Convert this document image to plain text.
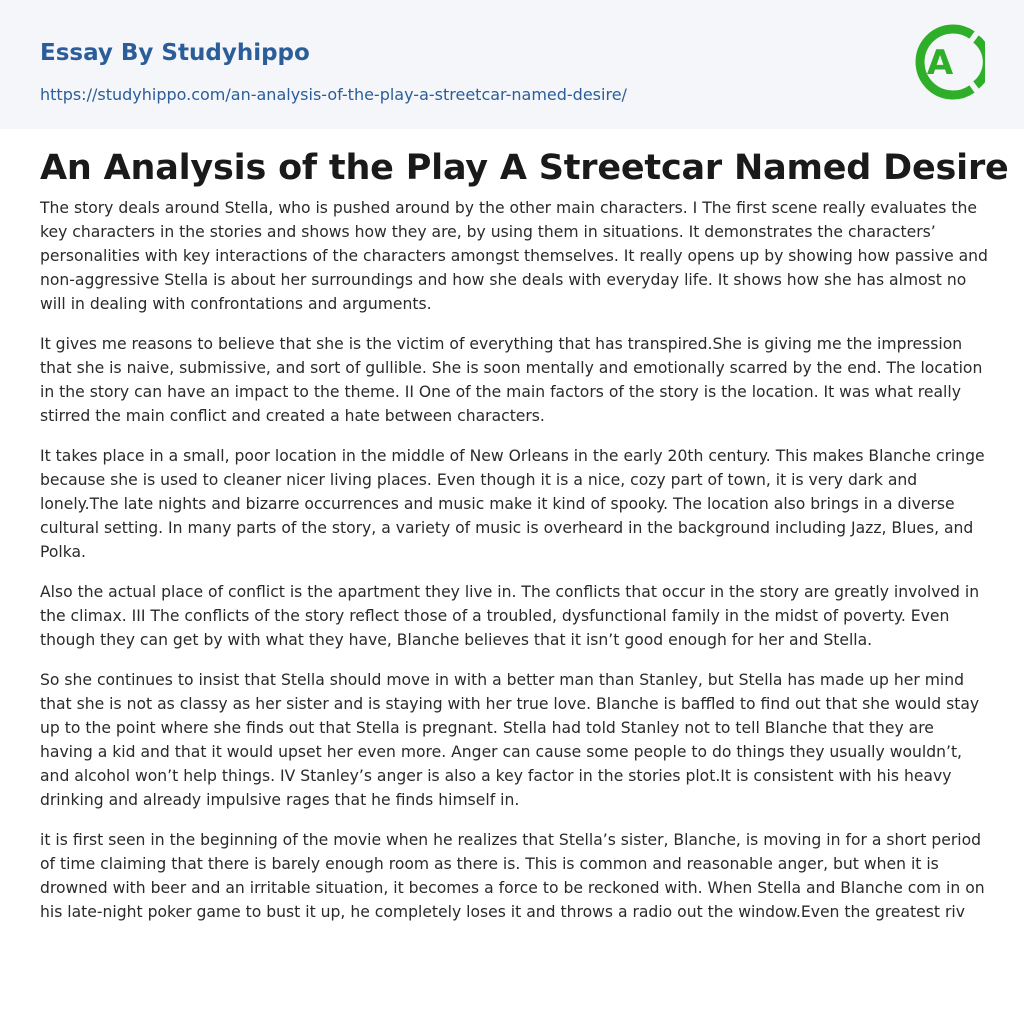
Essay By Studyhippo
https://studyhippo.com/an-analysis-of-the-play-a-streetcar-named-desire/
A
An Analysis of the Play A Streetcar Named Desire

The story deals around Stella, who is pushed around by the other main characters. I The first scene really evaluates the key characters in the stories and shows how they are, by using them in situations. It demonstrates the characters’ personalities with key interactions of the characters amongst themselves. It really opens up by showing how passive and non-aggressive Stella is about her surroundings and how she deals with everyday life. It shows how she has almost no will in dealing with confrontations and arguments.

It gives me reasons to believe that she is the victim of everything that has transpired.She is giving me the impression that she is naive, submissive, and sort of gullible. She is soon mentally and emotionally scarred by the end. The location in the story can have an impact to the theme. II One of the main factors of the story is the location. It was what really stirred the main conflict and created a hate between characters.

It takes place in a small, poor location in the middle of New Orleans in the early 20th century. This makes Blanche cringe because she is used to cleaner nicer living places. Even though it is a nice, cozy part of town, it is very dark and lonely.The late nights and bizarre occurrences and music make it kind of spooky. The location also brings in a diverse cultural setting. In many parts of the story, a variety of music is overheard in the background including Jazz, Blues, and Polka.

Also the actual place of conflict is the apartment they live in. The conflicts that occur in the story are greatly involved in the climax. III The conflicts of the story reflect those of a troubled, dysfunctional family in the midst of poverty. Even though they can get by with what they have, Blanche believes that it isn’t good enough for her and Stella.

So she continues to insist that Stella should move in with a better man than Stanley, but Stella has made up her mind that she is not as classy as her sister and is staying with her true love. Blanche is baffled to find out that she would stay up to the point where she finds out that Stella is pregnant. Stella had told Stanley not to tell Blanche that they are having a kid and that it would upset her even more. Anger can cause some people to do things they usually wouldn’t, and alcohol won’t help things. IV Stanley’s anger is also a key factor in the stories plot.It is consistent with his heavy drinking and already impulsive rages that he finds himself in.

it is first seen in the beginning of the movie when he realizes that Stella’s sister, Blanche, is moving in for a short period of time claiming that there is barely enough room as there is. This is common and reasonable anger, but when it is drowned with beer and an irritable situation, it becomes a force to be reckoned with. When Stella and Blanche com in on his late-night poker game to bust it up, he completely loses it and throws a radio out the window.Even the greatest riv
